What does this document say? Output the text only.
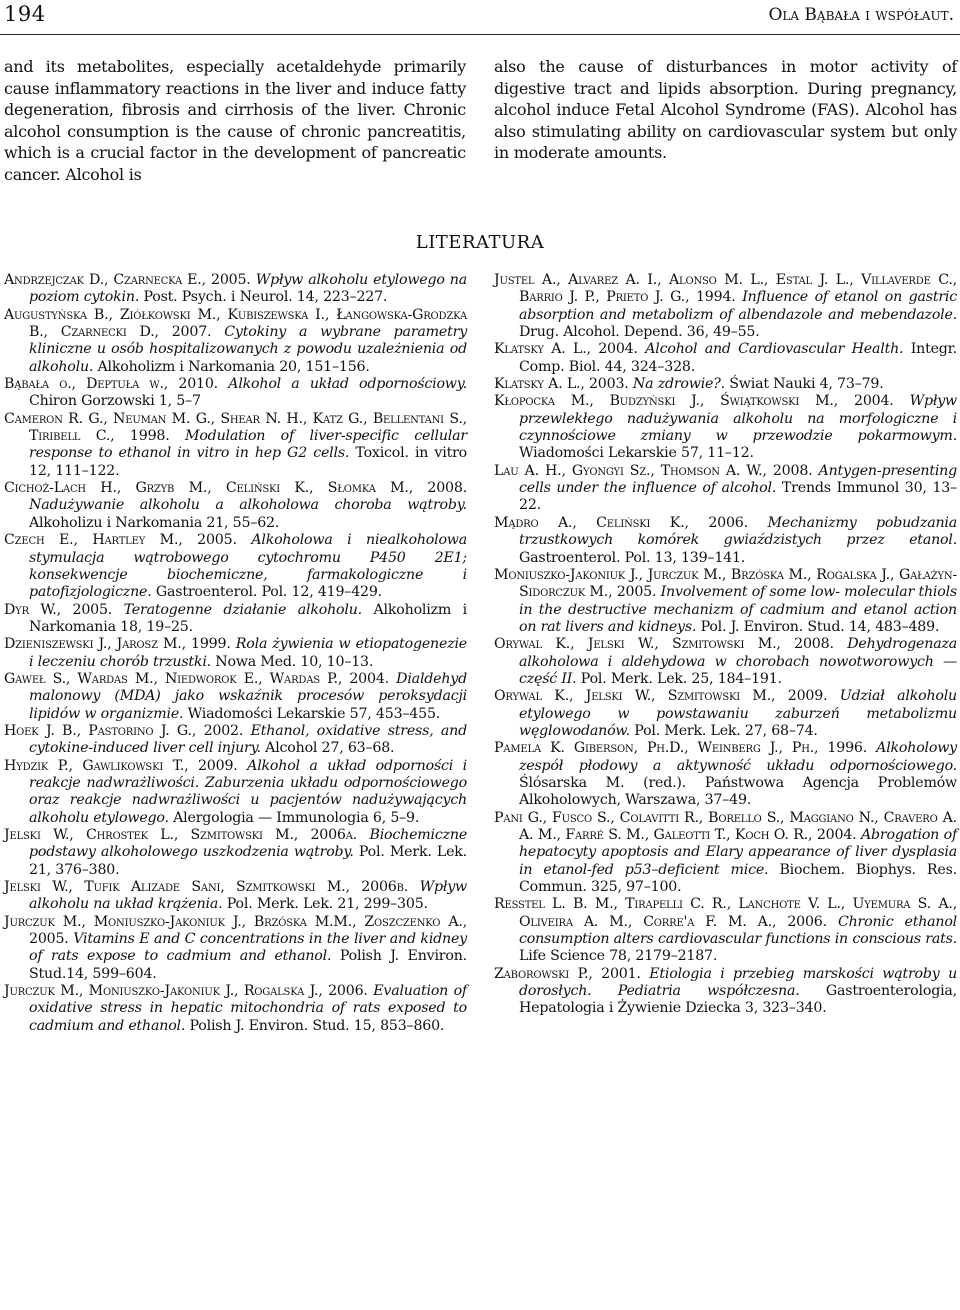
194	Ola Bąbała i współaut.
and its metabolites, especially acetaldehyde primarily cause inflammatory reactions in the liver and induce fatty degeneration, fibrosis and cirrhosis of the liver. Chronic alcohol consumption is the cause of chronic pancreatitis, which is a crucial factor in the development of pancreatic cancer. Alcohol is
also the cause of disturbances in motor activity of digestive tract and lipids absorption. During pregnancy, alcohol induce Fetal Alcohol Syndrome (FAS). Alcohol has also stimulating ability on cardiovascular system but only in moderate amounts.
LITERATURA
Andrzejczak D., Czarnecka E., 2005. Wpływ alkoholu etylowego na poziom cytokin. Post. Psych. i Neurol. 14, 223–227.
Augustyńska B., Ziółkowski M., Kubiszewska I., Łangowska-Grodzka B., Czarnecki D., 2007. Cytokiny a wybrane parametry kliniczne u osób hospitalizowanych z powodu uzależnienia od alkoholu. Alkoholizm i Narkomania 20, 151–156.
Bąbała o., Deptuła w., 2010. Alkohol a układ odpornościowy. Chiron Gorzowski 1, 5–7
Cameron R. G., Neuman M. G., Shear N. H., Katz G., Bellentani S., Tiribell C., 1998. Modulation of liver-specific cellular response to ethanol in vitro in hep G2 cells. Toxicol. in vitro 12, 111–122.
Cichoż-Lach H., Grzyb M., Celiński K., Słomka M., 2008. Nadużywanie alkoholu a alkoholowa choroba wątroby. Alkoholizu i Narkomania 21, 55–62.
Czech E., Hartley M., 2005. Alkoholowa i niealkoholowa stymulacja wątrobowego cytochromu P450 2E1; konsekwencje biochemiczne, farmakologiczne i patofizjologiczne. Gastroenterol. Pol. 12, 419–429.
Dyr W., 2005. Teratogenne działanie alkoholu. Alkoholizm i Narkomania 18, 19–25.
Dzieniszewski J., Jarosz M., 1999. Rola żywienia w etiopatogenezie i leczeniu chorób trzustki. Nowa Med. 10, 10–13.
Gaweł S., Wardas M., Niedworok E., Wardas P., 2004. Dialdehyd malonowy (MDA) jako wskaźnik procesów peroksydacji lipidów w organizmie. Wiadomości Lekarskie 57, 453–455.
Hoek J. B., Pastorino J. G., 2002. Ethanol, oxidative stress, and cytokine-induced liver cell injury. Alcohol 27, 63–68.
Hydzik P., Gawlikowski T., 2009. Alkohol a układ odporności i reakcje nadwrażliwości. Zaburzenia układu odpornościowego oraz reakcje nadwrażliwości u pacjentów nadużywających alkoholu etylowego. Alergologia — Immunologia 6, 5–9.
Jelski W., Chrostek L., Szmitowski M., 2006a. Biochemiczne podstawy alkoholowego uszkodzenia wątroby. Pol. Merk. Lek. 21, 376–380.
Jelski W., Tufik Alizade Sani, Szmitkowski M., 2006b. Wpływ alkoholu na układ krążenia. Pol. Merk. Lek. 21, 299–305.
Jurczuk M., Moniuszko-Jakoniuk J., Brzóska M.M., Zoszczenko A., 2005. Vitamins E and C concentrations in the liver and kidney of rats expose to cadmium and ethanol. Polish J. Environ. Stud.14, 599–604.
Jurczuk M., Moniuszko-Jakoniuk J., Rogalska J., 2006. Evaluation of oxidative stress in hepatic mitochondria of rats exposed to cadmium and ethanol. Polish J. Environ. Stud. 15, 853–860.
Justel A., Alvarez A. I., Alonso M. L., Estal J. L., Villaverde C., Barrio J. P., Prieto J. G., 1994. Influence of etanol on gastric absorption and metabolizm of albendazole and mebendazole. Drug. Alcohol. Depend. 36, 49–55.
Klatsky A. L., 2004. Alcohol and Cardiovascular Health. Integr. Comp. Biol. 44, 324–328.
Klatsky A. L., 2003. Na zdrowie?. Świat Nauki 4, 73–79.
Kłopocka M., Budzyński J., Świątkowski M., 2004. Wpływ przewlekłego nadużywania alkoholu na morfologiczne i czynnościowe zmiany w przewodzie pokarmowym. Wiadomości Lekarskie 57, 11–12.
Lau A. H., Gyongyi Sz., Thomson A. W., 2008. Antygen-presenting cells under the influence of alcohol. Trends Immunol 30, 13–22.
Mądro A., Celiński K., 2006. Mechanizmy pobudzania trzustkowych komórek gwiaździstych przez etanol. Gastroenterol. Pol. 13, 139–141.
Moniuszko-Jakoniuk J., Jurczuk M., Brzóska M., Rogalska J., Gałażyn-Sidorczuk M., 2005. Involvement of some low- molecular thiols in the destructive mechanizm of cadmium and etanol action on rat livers and kidneys. Pol. J. Environ. Stud. 14, 483–489.
Orywal K., Jelski W., Szmitowski M., 2008. Dehydrogenaza alkoholowa i aldehydowa w chorobach nowotworowych — część II. Pol. Merk. Lek. 25, 184–191.
Orywal K., Jelski W., Szmitowski M., 2009. Udział alkoholu etylowego w powstawaniu zaburzeń metabolizmu węglowodanów. Pol. Merk. Lek. 27, 68–74.
Pamela K. Giberson, Ph.D., Weinberg J., Ph., 1996. Alkoholowy zespół płodowy a aktywność układu odpornościowego. Ślósarska M. (red.). Państwowa Agencja Problemów Alkoholowych, Warszawa, 37–49.
Pani G., Fusco S., Colavitti R., Borello S., Maggiano N., Cravero A. A. M., Farré S. M., Galeotti T., Koch O. R., 2004. Abrogation of hepatocyty apoptosis and Elary appearance of liver dysplasia in etanol-fed p53–deficient mice. Biochem. Biophys. Res. Commun. 325, 97–100.
Resstel L. B. M., Tirapelli C. R., Lanchote V. L., Uyemura S. A., Oliveira A. M., Corre'a F. M. A., 2006. Chronic ethanol consumption alters cardiovascular functions in conscious rats. Life Science 78, 2179–2187.
Zaborowski P., 2001. Etiologia i przebieg marskości wątroby u dorosłych. Pediatria współczesna. Gastroenterologia, Hepatologia i Żywienie Dziecka 3, 323–340.
